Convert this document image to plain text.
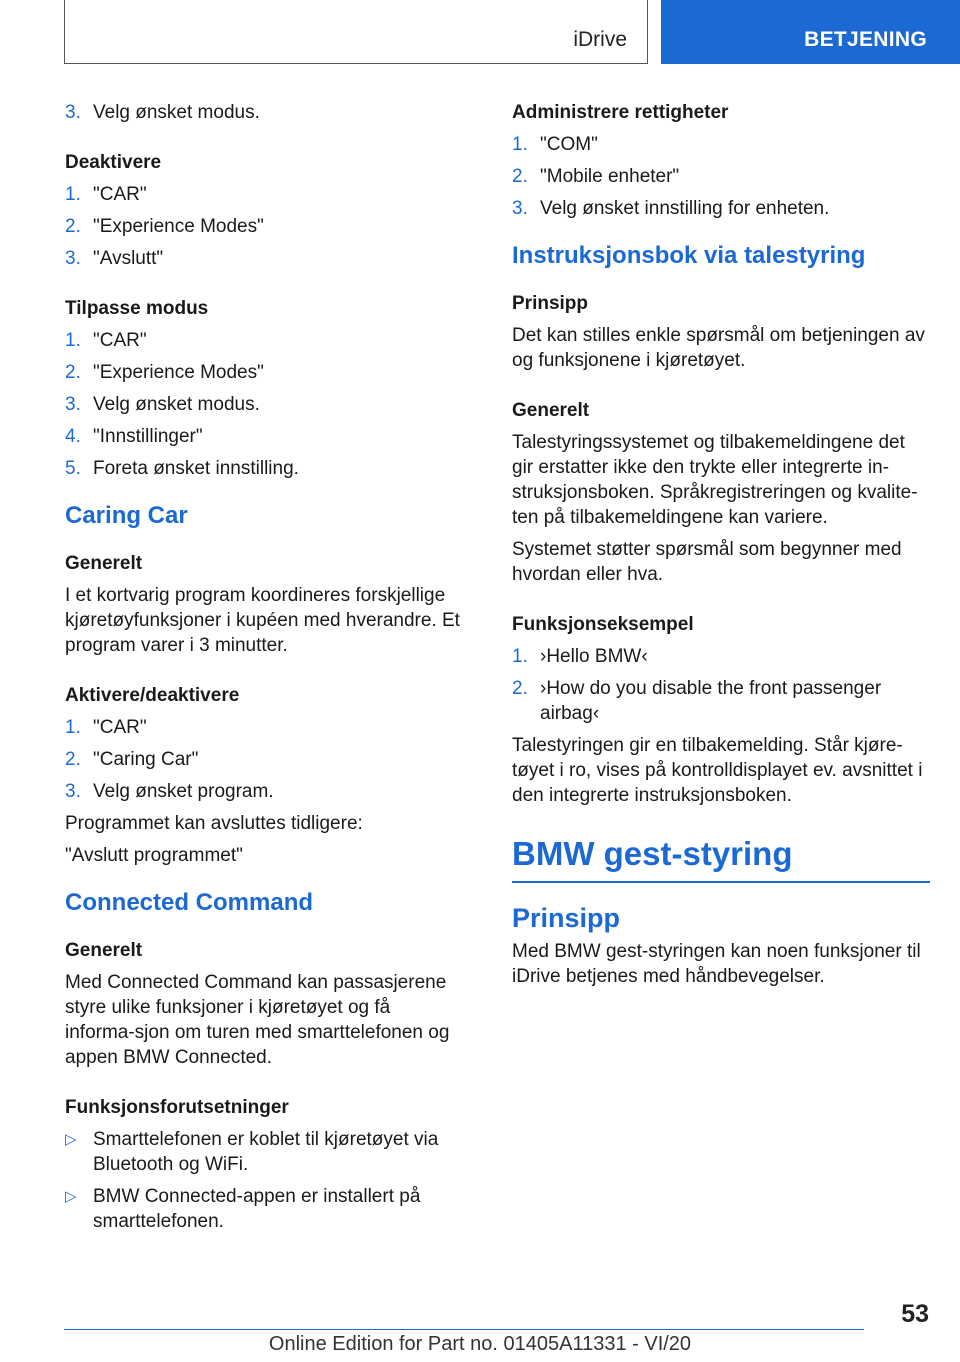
iDrive	BETJENING
3. Velg ønsket modus.
Deaktivere
1. "CAR"
2. "Experience Modes"
3. "Avslutt"
Tilpasse modus
1. "CAR"
2. "Experience Modes"
3. Velg ønsket modus.
4. "Innstillinger"
5. Foreta ønsket innstilling.
Caring Car
Generelt
I et kortvarig program koordineres forskjellige kjøretøyfunksjoner i kupéen med hverandre. Et program varer i 3 minutter.
Aktivere/deaktivere
1. "CAR"
2. "Caring Car"
3. Velg ønsket program.
Programmet kan avsluttes tidligere:
"Avslutt programmet"
Connected Command
Generelt
Med Connected Command kan passasjerene styre ulike funksjoner i kjøretøyet og få informa-sjon om turen med smarttelefonen og appen BMW Connected.
Funksjonsforutsetninger
▷ Smarttelefonen er koblet til kjøretøyet via Bluetooth og WiFi.
▷ BMW Connected-appen er installert på smarttelefonen.
Administrere rettigheter
1. "COM"
2. "Mobile enheter"
3. Velg ønsket innstilling for enheten.
Instruksjonsbok via talestyring
Prinsipp
Det kan stilles enkle spørsmål om betjeningen av og funksjonene i kjøretøyet.
Generelt
Talestyringssystemet og tilbakemeldingene det gir erstatter ikke den trykte eller integrerte in-struksjonsboken. Språkregistreringen og kvalite-ten på tilbakemeldingene kan variere.
Systemet støtter spørsmål som begynner med hvordan eller hva.
Funksjonseksempel
1. ›Hello BMW‹
2. ›How do you disable the front passenger airbag‹
Talestyringen gir en tilbakemelding. Står kjøre-tøyet i ro, vises på kontrolldisplayet ev. avsnittet i den integrerte instruksjonsboken.
BMW gest-styring
Prinsipp
Med BMW gest-styringen kan noen funksjoner til iDrive betjenes med håndbevegelser.
53
Online Edition for Part no. 01405A11331 - VI/20
